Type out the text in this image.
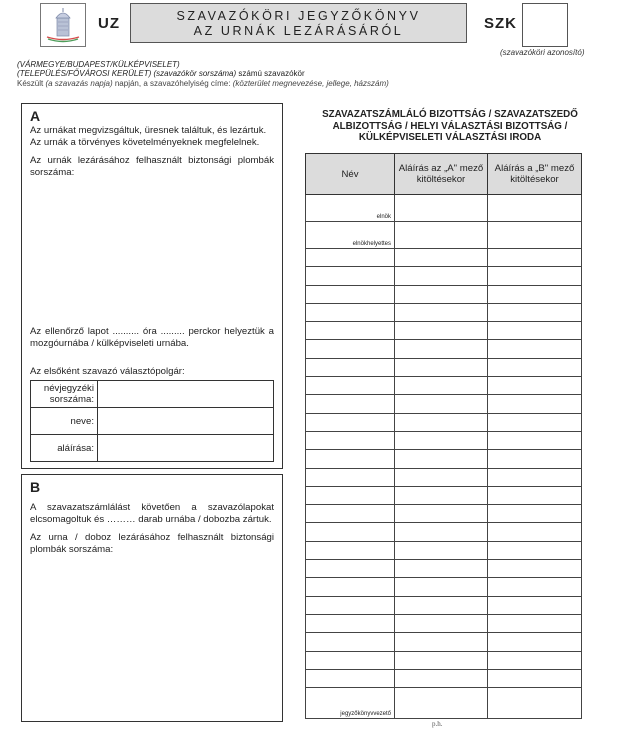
UZ	SZAVAZÓKÖRI JEGYZŐKÖNYV
AZ URNÁK LEZÁRÁSÁRÓL	SZK
(szavazóköri azonosító)
(VÁRMEGYE/BUDAPEST/KÜLKÉPVISELET)
(TELEPÜLÉS/FŐVÁROSI KERÜLET) (szavazókör sorszáma) számú szavazókör
Készült (a szavazás napja) napján, a szavazóhelyiség címe: (közterület megnevezése, jellege, házszám)
A
Az urnákat megvizsgáltuk, üresnek találtuk, és lezártuk.
Az urnák a törvényes követelményeknek megfelelnek.
Az urnák lezárásához felhasznált biztonsági plombák sorszáma:
Az ellenőrző lapot .......... óra ......... perckor helyeztük a mozgóurnába / külképviseleti urnába.
Az elsőként szavazó választópolgár:
névjegyzéki sorszáma:	
neve:	
aláírása:	
B
A szavazatszámlálást követően a szavazólapokat elcsomagoltuk és ……… darab urnába / dobozba zártuk.
Az urna / doboz lezárásához felhasznált biztonsági plombák sorszáma:
SZAVAZATSZÁMLÁLÓ BIZOTTSÁG / SZAVAZATSZEDŐ ALBIZOTTSÁG / HELYI VÁLASZTÁSI BIZOTTSÁG / KÜLKÉPVISELETI VÁLASZTÁSI IRODA
Név	Aláírás az „A" mező kitöltésekor	Aláírás a „B" mező kitöltésekor
elnök		
elnökhelyettes		

jegyzőkönyvvezető		
p.h.
